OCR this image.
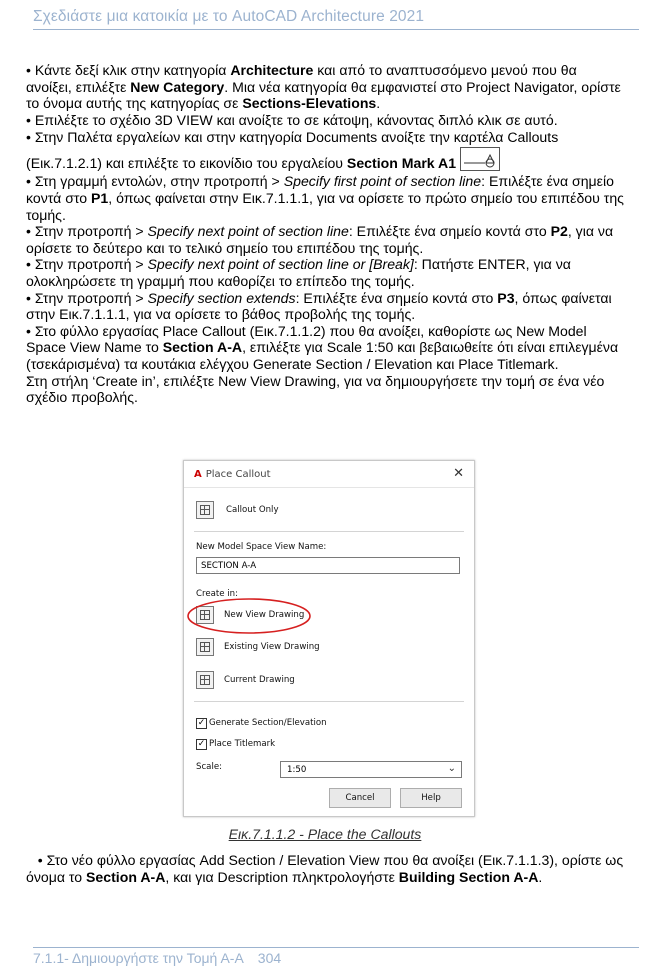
Σχεδιάστε μια κατοικία με το AutoCAD Architecture 2021

• Κάντε δεξί κλικ στην κατηγορία Architecture και από το αναπτυσσόμενο μενού που θα ανοίξει, επιλέξτε New Category. Μια νέα κατηγορία θα εμφανιστεί στο Project Navigator, ορίστε το όνομα αυτής της κατηγορίας σε Sections-Elevations.

• Επιλέξτε το σχέδιο 3D VIEW και ανοίξτε το σε κάτοψη, κάνοντας διπλό κλικ σε αυτό.

• Στην Παλέτα εργαλείων και στην κατηγορία Documents ανοίξτε την καρτέλα Callouts (Εικ.7.1.2.1) και επιλέξτε το εικονίδιο του εργαλείου Section Mark A1

• Στη γραμμή εντολών, στην προτροπή > Specify first point of section line: Επιλέξτε ένα σημείο κοντά στο P1, όπως φαίνεται στην Εικ.7.1.1.1, για να ορίσετε το πρώτο σημείο του επιπέδου της τομής.

• Στην προτροπή > Specify next point of section line: Επιλέξτε ένα σημείο κοντά στο P2, για να ορίσετε το δεύτερο και το τελικό σημείο του επιπέδου της τομής.

• Στην προτροπή > Specify next point of section line or [Break]: Πατήστε ENTER, για να ολοκληρώσετε τη γραμμή που καθορίζει το επίπεδο της τομής.

• Στην προτροπή > Specify section extends: Επιλέξτε ένα σημείο κοντά στο P3, όπως φαίνεται στην Εικ.7.1.1.1, για να ορίσετε το βάθος προβολής της τομής.

• Στο φύλλο εργασίας Place Callout (Εικ.7.1.1.2) που θα ανοίξει, καθορίστε ως New Model Space View Name το Section A-A, επιλέξτε για Scale 1:50 και βεβαιωθείτε ότι είναι επιλεγμένα (τσεκάρισμένα) τα κουτάκια ελέγχου Generate Section / Elevation και Place Titlemark.

Στη στήλη ‘Create in’, επιλέξτε New View Drawing, για να δημιουργήσετε την τομή σε ένα νέο σχέδιο προβολής.

A Place Callout	✕
Callout Only
New Model Space View Name:
SECTION A-A
Create in:
New View Drawing
Existing View Drawing
Current Drawing
✓ Generate Section/Elevation
✓ Place Titlemark
Scale:	1:50	⌄
Cancel	Help
Εικ.7.1.1.2 - Place the Callouts

• Στο νέο φύλλο εργασίας Add Section / Elevation View που θα ανοίξει (Εικ.7.1.1.3), ορίστε ως όνομα το Section A-A, και για Description πληκτρολογήστε Building Section A-A.

7.1.1- Δημιουργήστε την Τομή Α-Α 304
